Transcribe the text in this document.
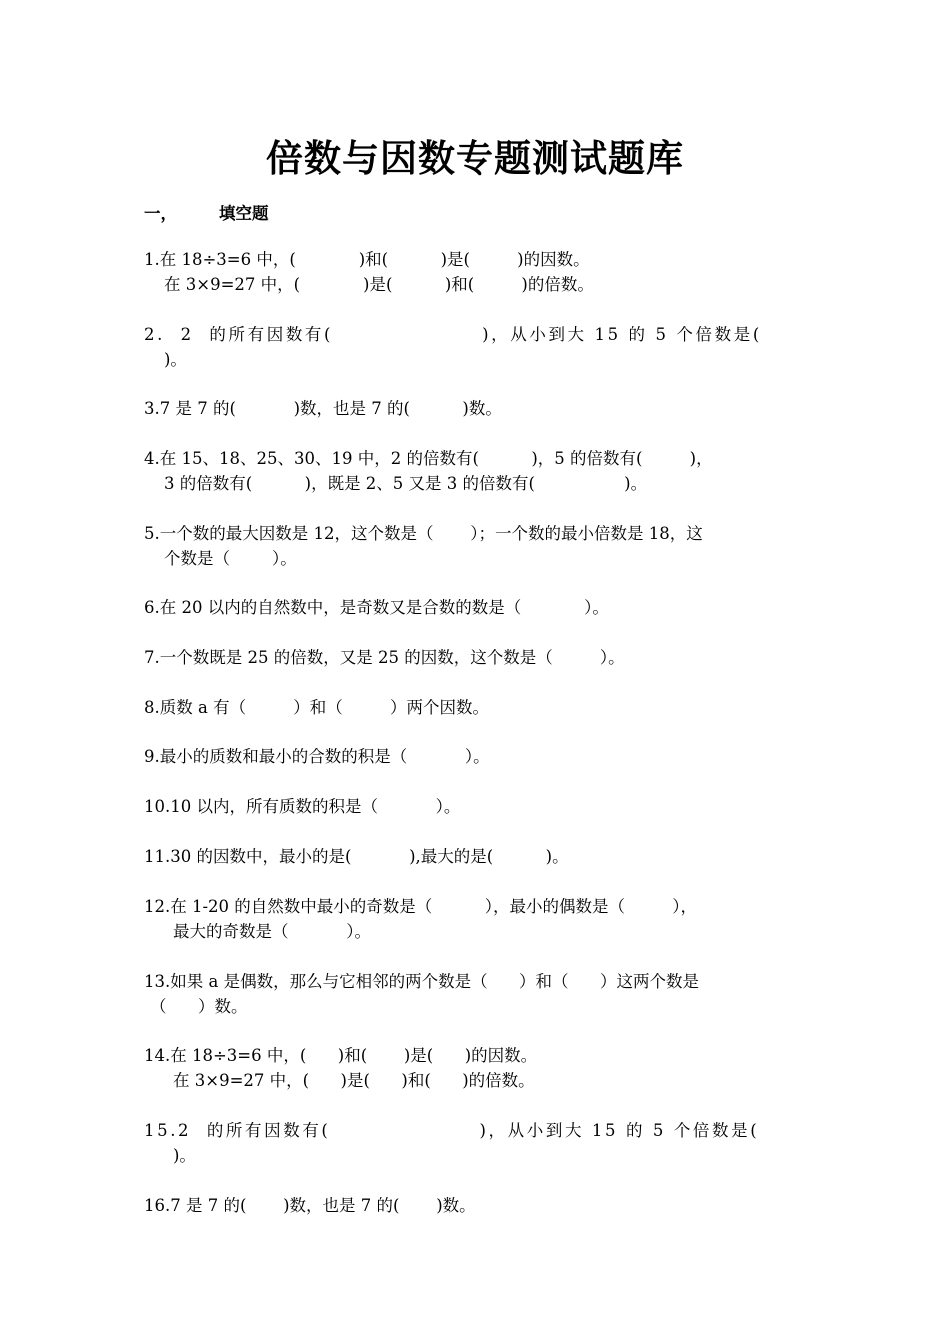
倍数与因数专题测试题库
一，	填空题
1.在 18÷3=6 中，(            )和(          )是(         )的因数。
在 3×9=27 中，(            )是(          )和(         )的倍数。
2.  2  的所有因数有(                   )，从小到大 15 的 5 个倍数是(
)。
3.7 是 7 的(           )数，也是 7 的(          )数。
4.在 15、18、25、30、19 中，2 的倍数有(          )，5 的倍数有(         )，
3 的倍数有(          )，既是 2、5 又是 3 的倍数有(                 )。
5.一个数的最大因数是 12，这个数是（       ）；一个数的最小倍数是 18，这
个数是（        ）。
6.在 20 以内的自然数中，是奇数又是合数的数是（            ）。
7.一个数既是 25 的倍数，又是 25 的因数，这个数是（         ）。
8.质数 a 有（         ）和（         ）两个因数。
9.最小的质数和最小的合数的积是（           ）。
10.10 以内，所有质数的积是（           ）。
11.30 的因数中，最小的是(           ),最大的是(          )。
12.在 1-20 的自然数中最小的奇数是（          ），最小的偶数是（         ），
最大的奇数是（           ）。
13.如果 a 是偶数，那么与它相邻的两个数是（      ）和（      ）这两个数是
（      ）数。
14.在 18÷3=6 中，(      )和(       )是(      )的因数。
在 3×9=27 中，(      )是(      )和(      )的倍数。
15.2  的所有因数有(                   )，从小到大 15 的 5 个倍数是(
)。
16.7 是 7 的(       )数，也是 7 的(       )数。
